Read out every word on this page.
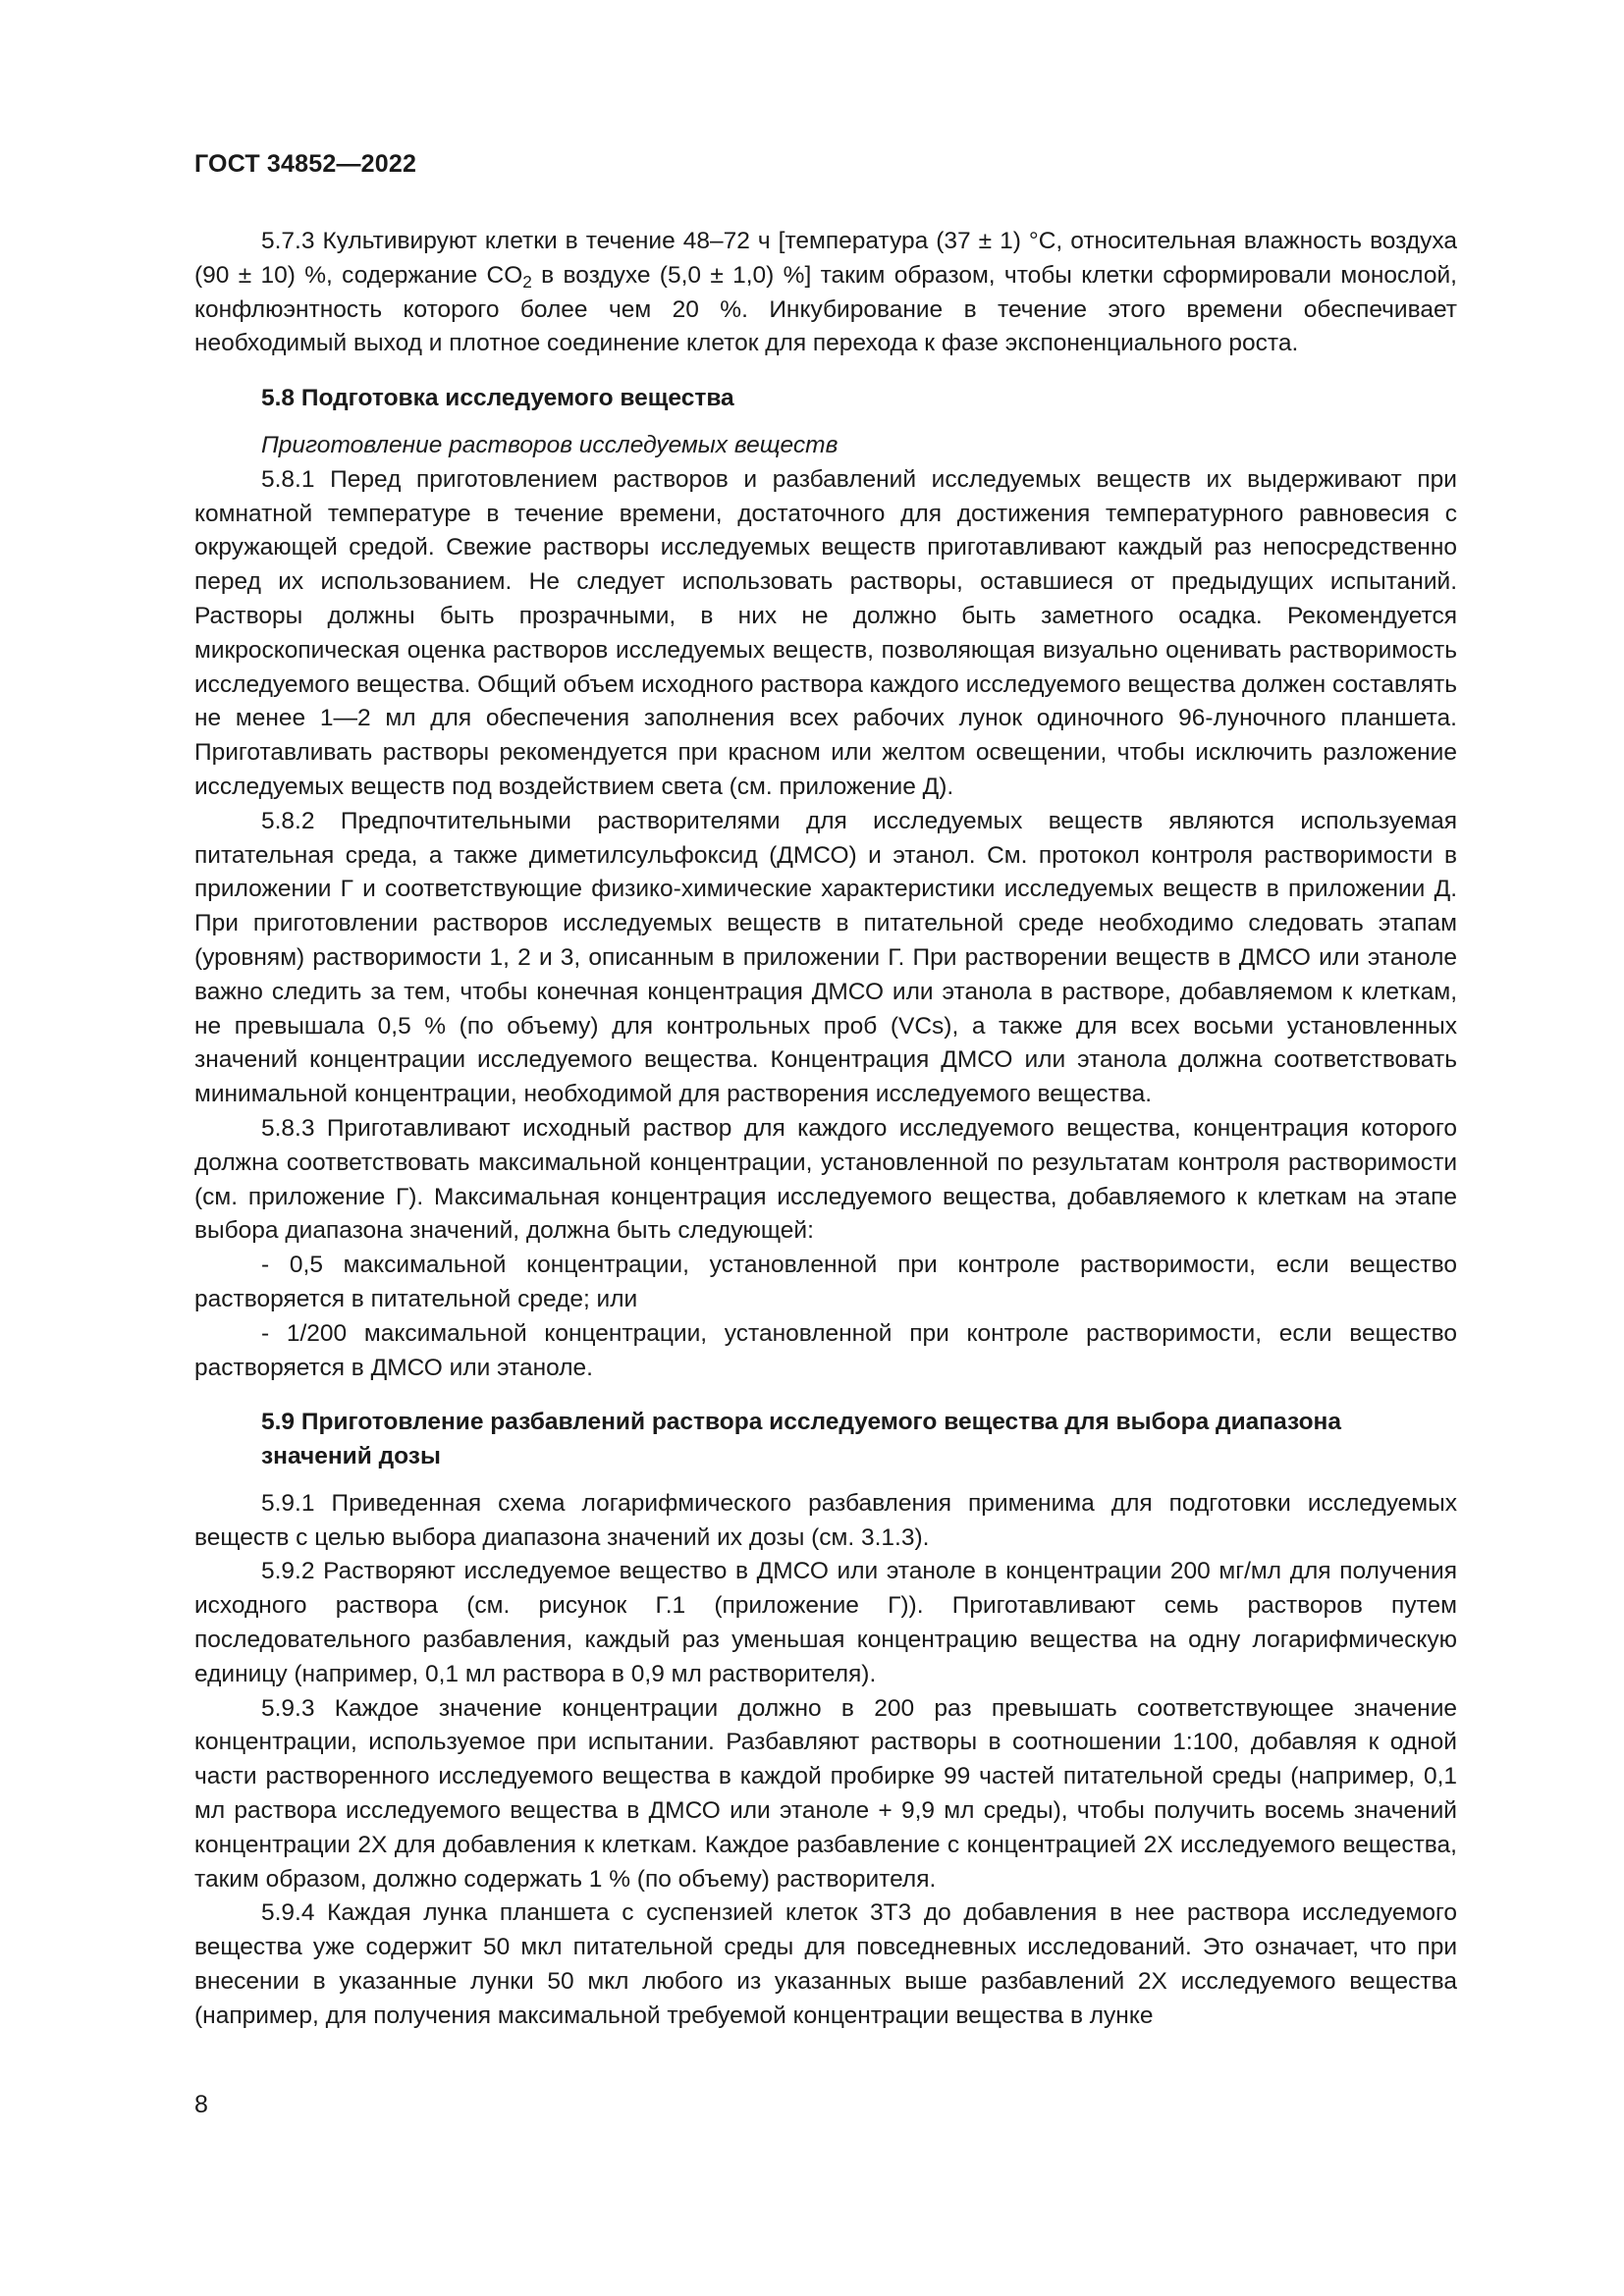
ГОСТ 34852—2022

5.7.3 Культивируют клетки в течение 48–72 ч [температура (37 ± 1) °С, относительная влажность воздуха (90 ± 10) %, содержание $CO_2$ в воздухе (5,0 ± 1,0) %] таким образом, чтобы клетки сформировали монослой, конфлюэнтность которого более чем 20 %. Инкубирование в течение этого времени обеспечивает необходимый выход и плотное соединение клеток для перехода к фазе экспоненциального роста.

5.8 Подготовка исследуемого вещества

Приготовление растворов исследуемых веществ

5.8.1 Перед приготовлением растворов и разбавлений исследуемых веществ их выдерживают при комнатной температуре в течение времени, достаточного для достижения температурного равновесия с окружающей средой. Свежие растворы исследуемых веществ приготавливают каждый раз непосредственно перед их использованием. Не следует использовать растворы, оставшиеся от предыдущих испытаний. Растворы должны быть прозрачными, в них не должно быть заметного осадка. Рекомендуется микроскопическая оценка растворов исследуемых веществ, позволяющая визуально оценивать растворимость исследуемого вещества. Общий объем исходного раствора каждого исследуемого вещества должен составлять не менее 1—2 мл для обеспечения заполнения всех рабочих лунок одиночного 96-луночного планшета. Приготавливать растворы рекомендуется при красном или желтом освещении, чтобы исключить разложение исследуемых веществ под воздействием света (см. приложение Д).

5.8.2 Предпочтительными растворителями для исследуемых веществ являются используемая питательная среда, а также диметилсульфоксид (ДМСО) и этанол. См. протокол контроля растворимости в приложении Г и соответствующие физико-химические характеристики исследуемых веществ в приложении Д. При приготовлении растворов исследуемых веществ в питательной среде необходимо следовать этапам (уровням) растворимости 1, 2 и 3, описанным в приложении Г. При растворении веществ в ДМСО или этаноле важно следить за тем, чтобы конечная концентрация ДМСО или этанола в растворе, добавляемом к клеткам, не превышала 0,5 % (по объему) для контрольных проб (VCs), а также для всех восьми установленных значений концентрации исследуемого вещества. Концентрация ДМСО или этанола должна соответствовать минимальной концентрации, необходимой для растворения исследуемого вещества.

5.8.3 Приготавливают исходный раствор для каждого исследуемого вещества, концентрация которого должна соответствовать максимальной концентрации, установленной по результатам контроля растворимости (см. приложение Г). Максимальная концентрация исследуемого вещества, добавляемого к клеткам на этапе выбора диапазона значений, должна быть следующей:

- 0,5 максимальной концентрации, установленной при контроле растворимости, если вещество растворяется в питательной среде; или

- 1/200 максимальной концентрации, установленной при контроле растворимости, если вещество растворяется в ДМСО или этаноле.

5.9 Приготовление разбавлений раствора исследуемого вещества для выбора диапазона значений дозы

5.9.1 Приведенная схема логарифмического разбавления применима для подготовки исследуемых веществ с целью выбора диапазона значений их дозы (см. 3.1.3).

5.9.2 Растворяют исследуемое вещество в ДМСО или этаноле в концентрации 200 мг/мл для получения исходного раствора (см. рисунок Г.1 (приложение Г)). Приготавливают семь растворов путем последовательного разбавления, каждый раз уменьшая концентрацию вещества на одну логарифмическую единицу (например, 0,1 мл раствора в 0,9 мл растворителя).

5.9.3 Каждое значение концентрации должно в 200 раз превышать соответствующее значение концентрации, используемое при испытании. Разбавляют растворы в соотношении 1:100, добавляя к одной части растворенного исследуемого вещества в каждой пробирке 99 частей питательной среды (например, 0,1 мл раствора исследуемого вещества в ДМСО или этаноле + 9,9 мл среды), чтобы получить восемь значений концентрации 2Х для добавления к клеткам. Каждое разбавление с концентрацией 2Х исследуемого вещества, таким образом, должно содержать 1 % (по объему) растворителя.

5.9.4 Каждая лунка планшета с суспензией клеток 3Т3 до добавления в нее раствора исследуемого вещества уже содержит 50 мкл питательной среды для повседневных исследований. Это означает, что при внесении в указанные лунки 50 мкл любого из указанных выше разбавлений 2Х исследуемого вещества (например, для получения максимальной требуемой концентрации вещества в лунке

8
